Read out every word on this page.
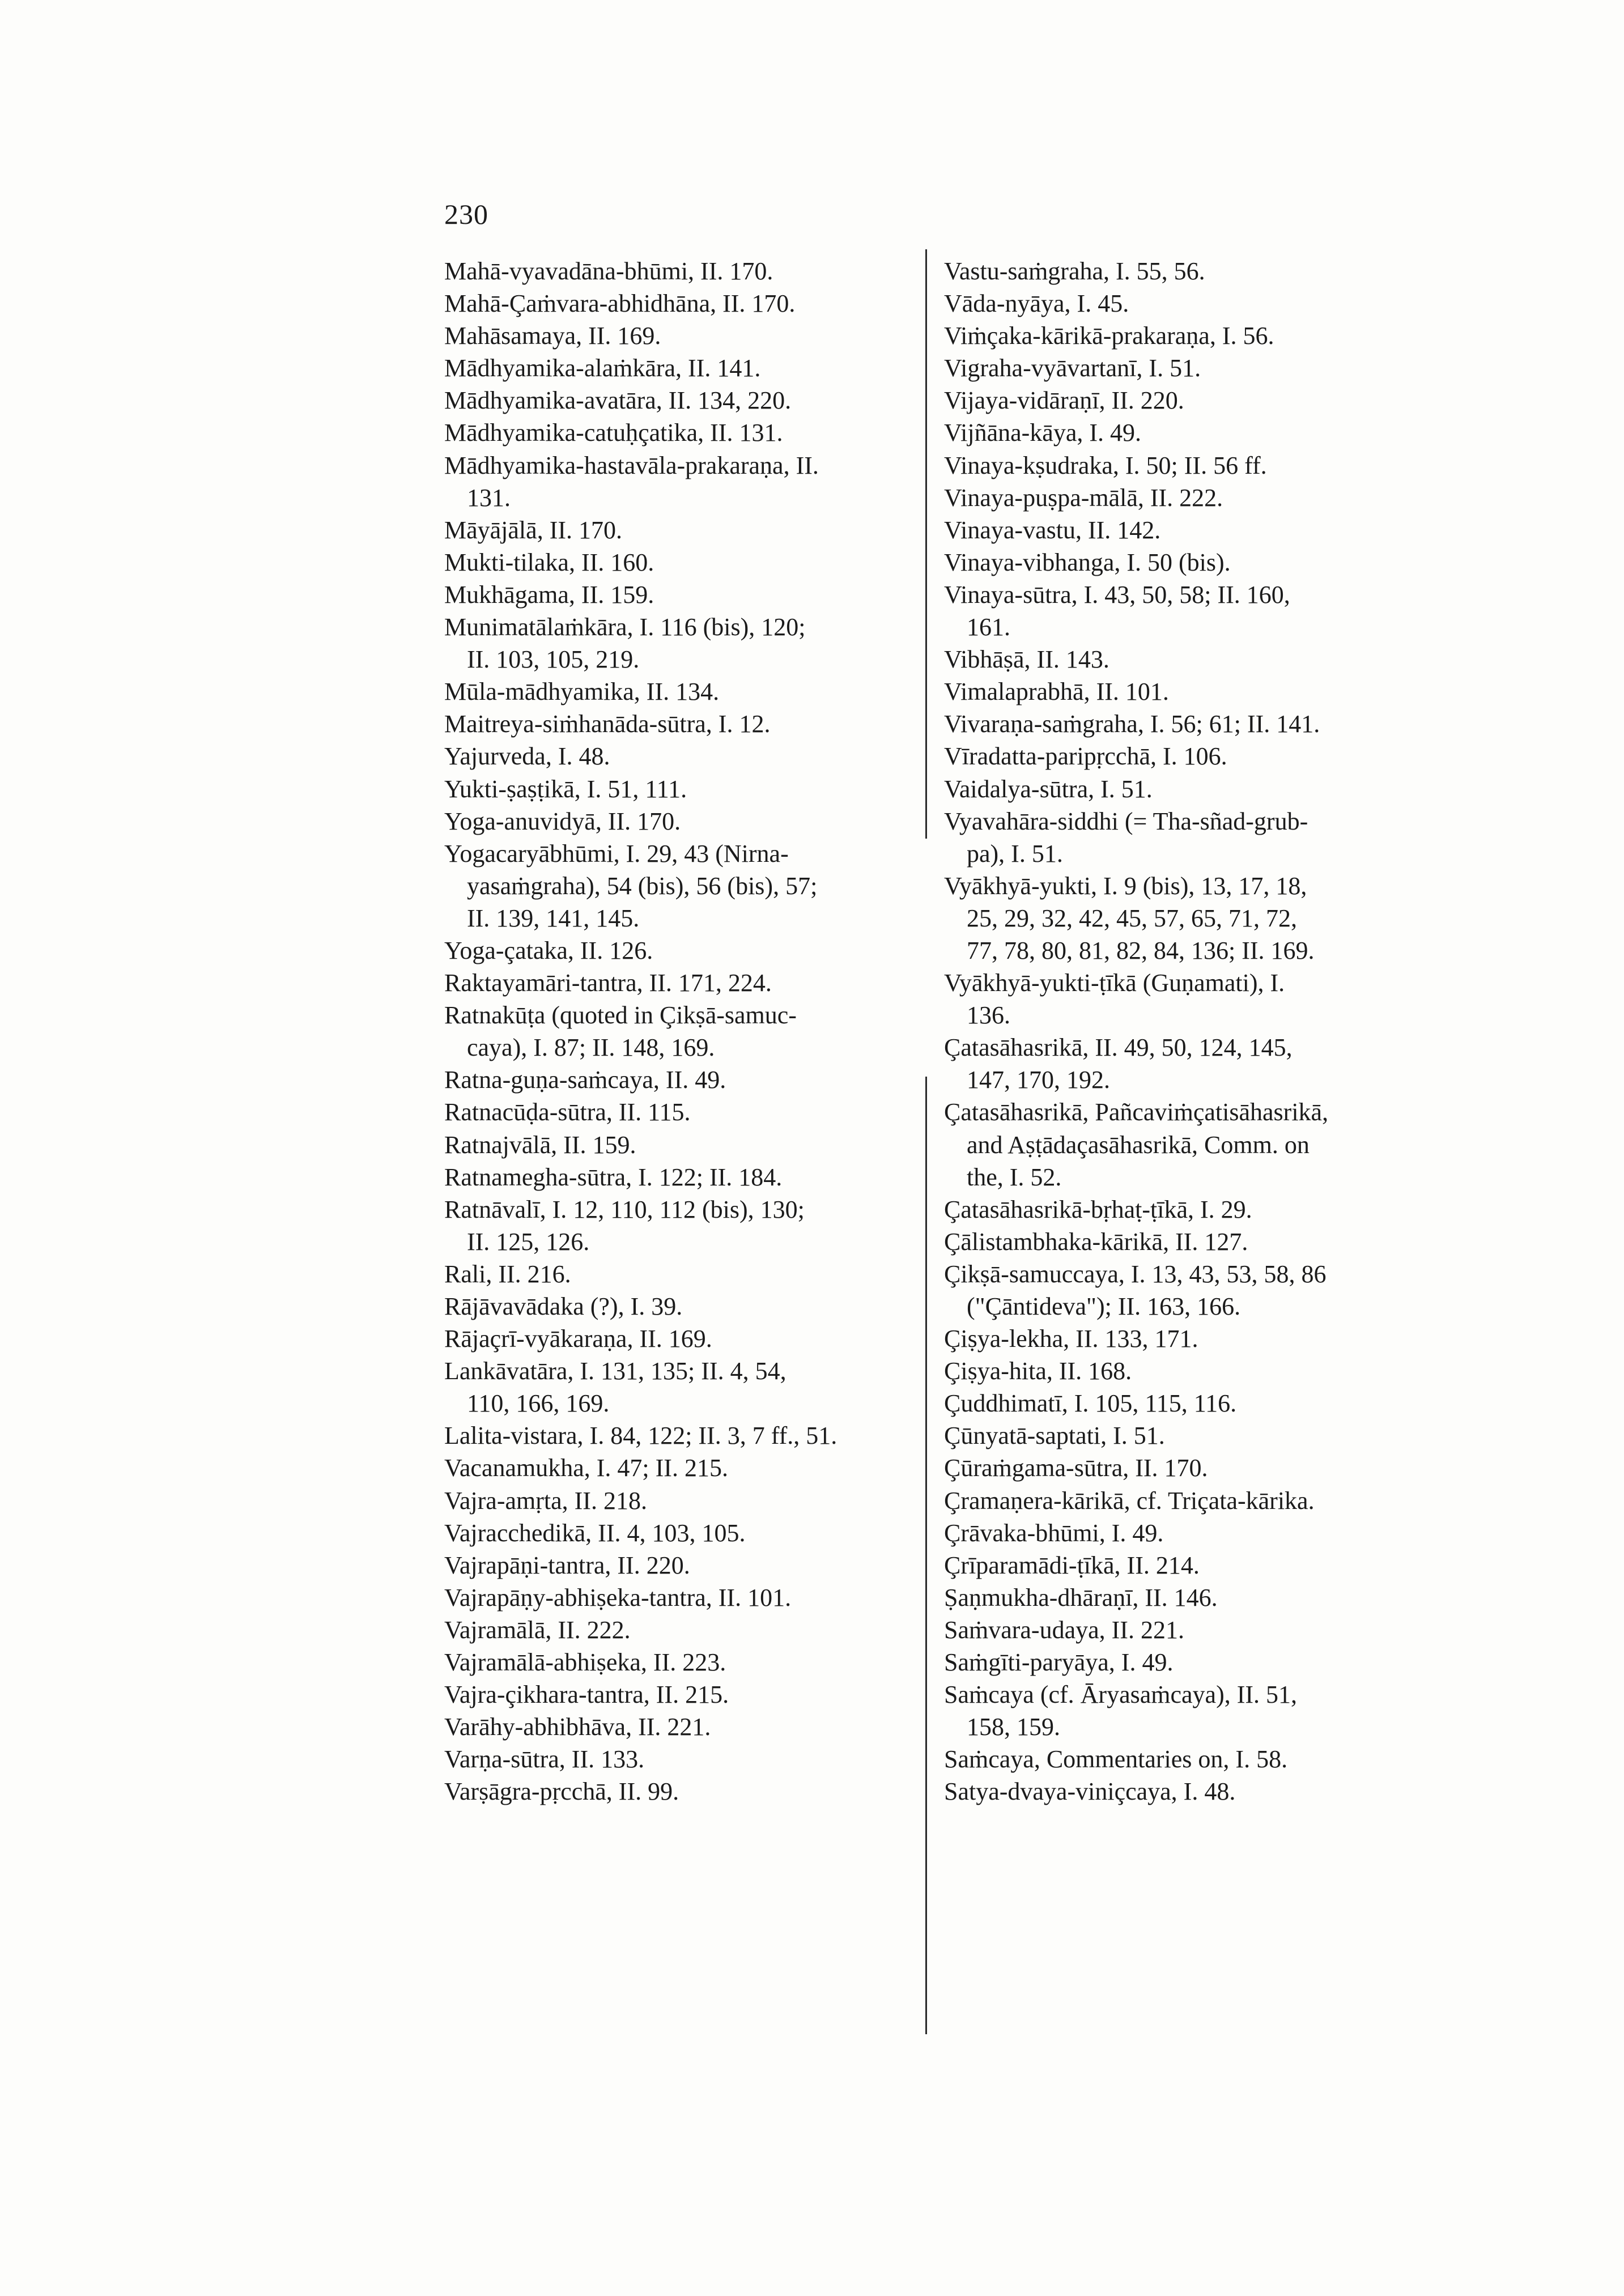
230
Mahā-vyavadāna-bhūmi, II. 170.
Mahā-Çaṁvara-abhidhāna, II. 170.
Mahāsamaya, II. 169.
Mādhyamika-alaṁkāra, II. 141.
Mādhyamika-avatāra, II. 134, 220.
Mādhyamika-catuḥçatika, II. 131.
Mādhyamika-hastavāla-prakaraṇa, II.
131.
Māyājālā, II. 170.
Mukti-tilaka, II. 160.
Mukhāgama, II. 159.
Munimatālaṁkāra, I. 116 (bis), 120;
II. 103, 105, 219.
Mūla-mādhyamika, II. 134.
Maitreya-siṁhanāda-sūtra, I. 12.
Yajurveda, I. 48.
Yukti-ṣaṣṭikā, I. 51, 111.
Yoga-anuvidyā, II. 170.
Yogacaryābhūmi, I. 29, 43 (Nirna-
yasaṁgraha), 54 (bis), 56 (bis), 57;
II. 139, 141, 145.
Yoga-çataka, II. 126.
Raktayamāri-tantra, II. 171, 224.
Ratnakūṭa (quoted in Çikṣā-samuc-
caya), I. 87; II. 148, 169.
Ratna-guṇa-saṁcaya, II. 49.
Ratnacūḍa-sūtra, II. 115.
Ratnajvālā, II. 159.
Ratnamegha-sūtra, I. 122; II. 184.
Ratnāvalī, I. 12, 110, 112 (bis), 130;
II. 125, 126.
Rali, II. 216.
Rājāvavādaka (?), I. 39.
Rājaçrī-vyākaraṇa, II. 169.
Lankāvatāra, I. 131, 135; II. 4, 54,
110, 166, 169.
Lalita-vistara, I. 84, 122; II. 3, 7 ff., 51.
Vacanamukha, I. 47; II. 215.
Vajra-amṛta, II. 218.
Vajracchedikā, II. 4, 103, 105.
Vajrapāṇi-tantra, II. 220.
Vajrapāṇy-abhiṣeka-tantra, II. 101.
Vajramālā, II. 222.
Vajramālā-abhiṣeka, II. 223.
Vajra-çikhara-tantra, II. 215.
Varāhy-abhibhāva, II. 221.
Varṇa-sūtra, II. 133.
Varṣāgra-pṛcchā, II. 99.
Vastu-saṁgraha, I. 55, 56.
Vāda-nyāya, I. 45.
Viṁçaka-kārikā-prakaraṇa, I. 56.
Vigraha-vyāvartanī, I. 51.
Vijaya-vidāraṇī, II. 220.
Vijñāna-kāya, I. 49.
Vinaya-kṣudraka, I. 50; II. 56 ff.
Vinaya-puṣpa-mālā, II. 222.
Vinaya-vastu, II. 142.
Vinaya-vibhanga, I. 50 (bis).
Vinaya-sūtra, I. 43, 50, 58; II. 160,
161.
Vibhāṣā, II. 143.
Vimalaprabhā, II. 101.
Vivaraṇa-saṁgraha, I. 56; 61; II. 141.
Vīradatta-paripṛcchā, I. 106.
Vaidalya-sūtra, I. 51.
Vyavahāra-siddhi (= Tha-sñad-grub-
pa), I. 51.
Vyākhyā-yukti, I. 9 (bis), 13, 17, 18,
25, 29, 32, 42, 45, 57, 65, 71, 72,
77, 78, 80, 81, 82, 84, 136; II. 169.
Vyākhyā-yukti-ṭīkā (Guṇamati), I.
136.
Çatasāhasrikā, II. 49, 50, 124, 145,
147, 170, 192.
Çatasāhasrikā, Pañcaviṁçatisāhasrikā,
and Aṣṭādaçasāhasrikā, Comm. on
the, I. 52.
Çatasāhasrikā-bṛhaṭ-ṭīkā, I. 29.
Çālistambhaka-kārikā, II. 127.
Çikṣā-samuccaya, I. 13, 43, 53, 58, 86
("Çāntideva"); II. 163, 166.
Çiṣya-lekha, II. 133, 171.
Çiṣya-hita, II. 168.
Çuddhimatī, I. 105, 115, 116.
Çūnyatā-saptati, I. 51.
Çūraṁgama-sūtra, II. 170.
Çramaṇera-kārikā, cf. Triçata-kārika.
Çrāvaka-bhūmi, I. 49.
Çrīparamādi-ṭīkā, II. 214.
Ṣaṇmukha-dhāraṇī, II. 146.
Saṁvara-udaya, II. 221.
Saṁgīti-paryāya, I. 49.
Saṁcaya (cf. Āryasaṁcaya), II. 51,
158, 159.
Saṁcaya, Commentaries on, I. 58.
Satya-dvaya-viniçcaya, I. 48.
